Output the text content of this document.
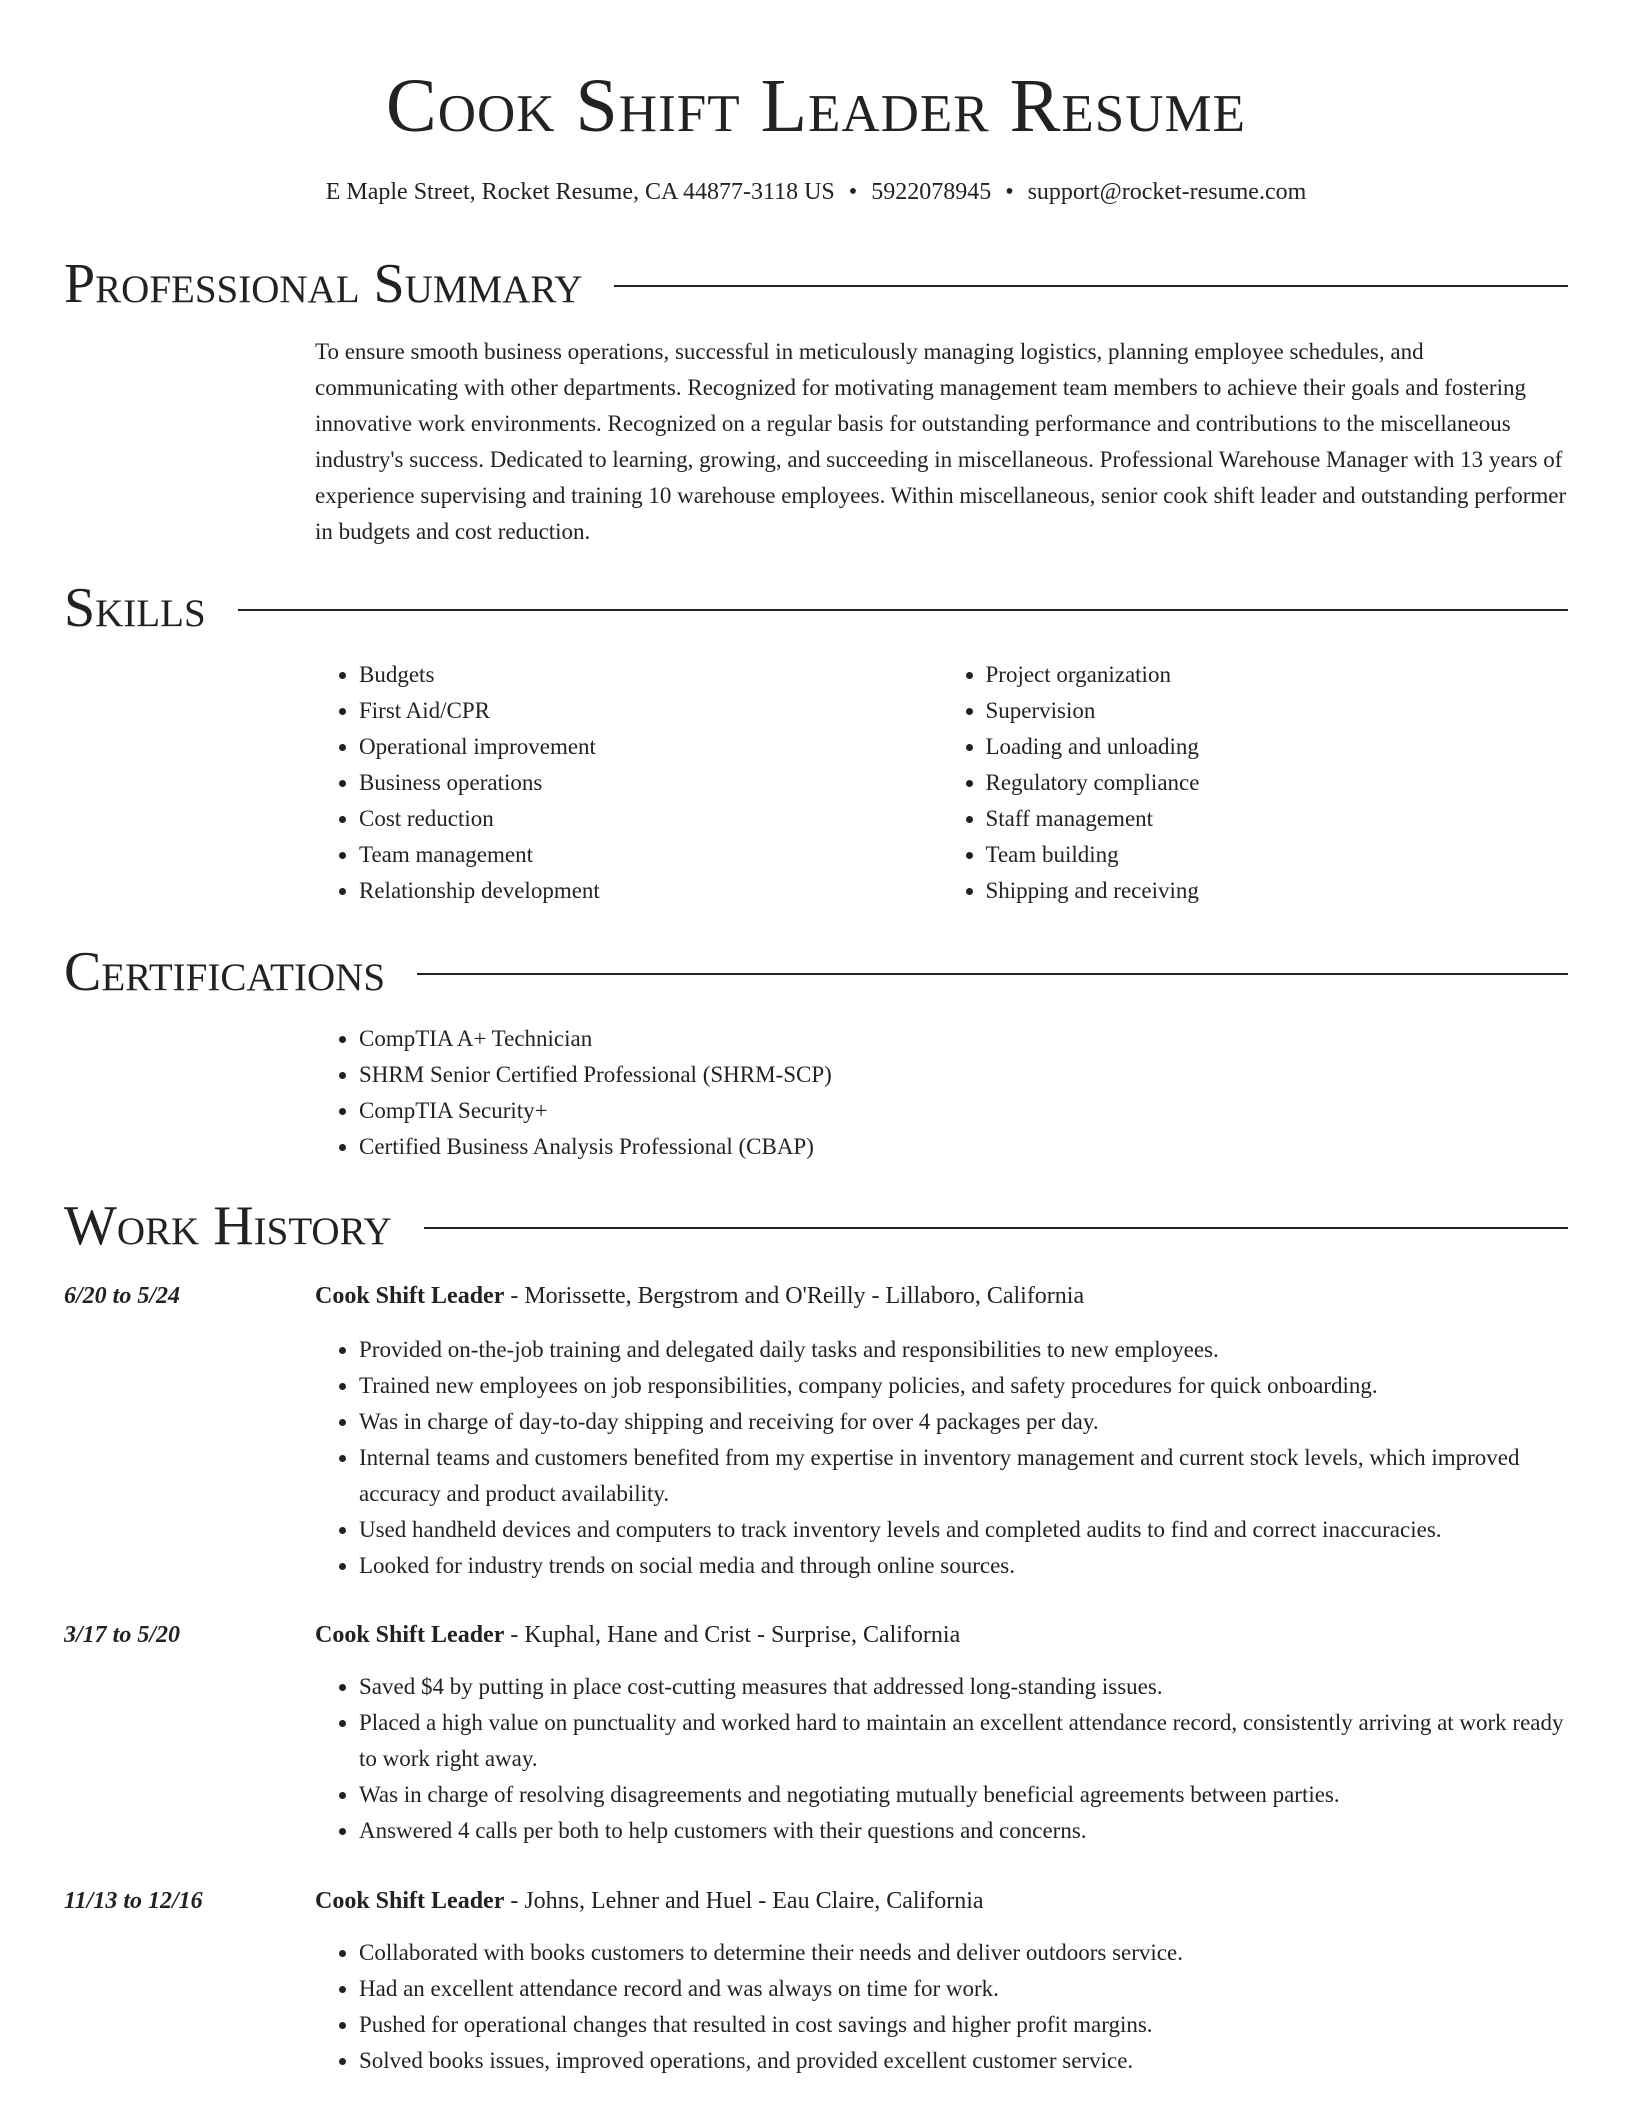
Cook Shift Leader Resume
E Maple Street, Rocket Resume, CA 44877-3118 US • 5922078945 • support@rocket-resume.com
Professional Summary

To ensure smooth business operations, successful in meticulously managing logistics, planning employee schedules, and communicating with other departments. Recognized for motivating management team members to achieve their goals and fostering innovative work environments. Recognized on a regular basis for outstanding performance and contributions to the miscellaneous industry's success. Dedicated to learning, growing, and succeeding in miscellaneous. Professional Warehouse Manager with 13 years of experience supervising and training 10 warehouse employees. Within miscellaneous, senior cook shift leader and outstanding performer in budgets and cost reduction.

Skills
• Budgets
• First Aid/CPR
• Operational improvement
• Business operations
• Cost reduction
• Team management
• Relationship development
• Project organization
• Supervision
• Loading and unloading
• Regulatory compliance
• Staff management
• Team building
• Shipping and receiving
Certifications
• CompTIA A+ Technician
• SHRM Senior Certified Professional (SHRM-SCP)
• CompTIA Security+
• Certified Business Analysis Professional (CBAP)
Work History
6/20 to 5/24	Cook Shift Leader - Morissette, Bergstrom and O'Reilly - Lillaboro, California
• Provided on-the-job training and delegated daily tasks and responsibilities to new employees.
• Trained new employees on job responsibilities, company policies, and safety procedures for quick onboarding.
• Was in charge of day-to-day shipping and receiving for over 4 packages per day.
• Internal teams and customers benefited from my expertise in inventory management and current stock levels, which improved accuracy and product availability.
• Used handheld devices and computers to track inventory levels and completed audits to find and correct inaccuracies.
• Looked for industry trends on social media and through online sources.
3/17 to 5/20	Cook Shift Leader - Kuphal, Hane and Crist - Surprise, California
• Saved $4 by putting in place cost-cutting measures that addressed long-standing issues.
• Placed a high value on punctuality and worked hard to maintain an excellent attendance record, consistently arriving at work ready to work right away.
• Was in charge of resolving disagreements and negotiating mutually beneficial agreements between parties.
• Answered 4 calls per both to help customers with their questions and concerns.
11/13 to 12/16	Cook Shift Leader - Johns, Lehner and Huel - Eau Claire, California
• Collaborated with books customers to determine their needs and deliver outdoors service.
• Had an excellent attendance record and was always on time for work.
• Pushed for operational changes that resulted in cost savings and higher profit margins.
• Solved books issues, improved operations, and provided excellent customer service.
